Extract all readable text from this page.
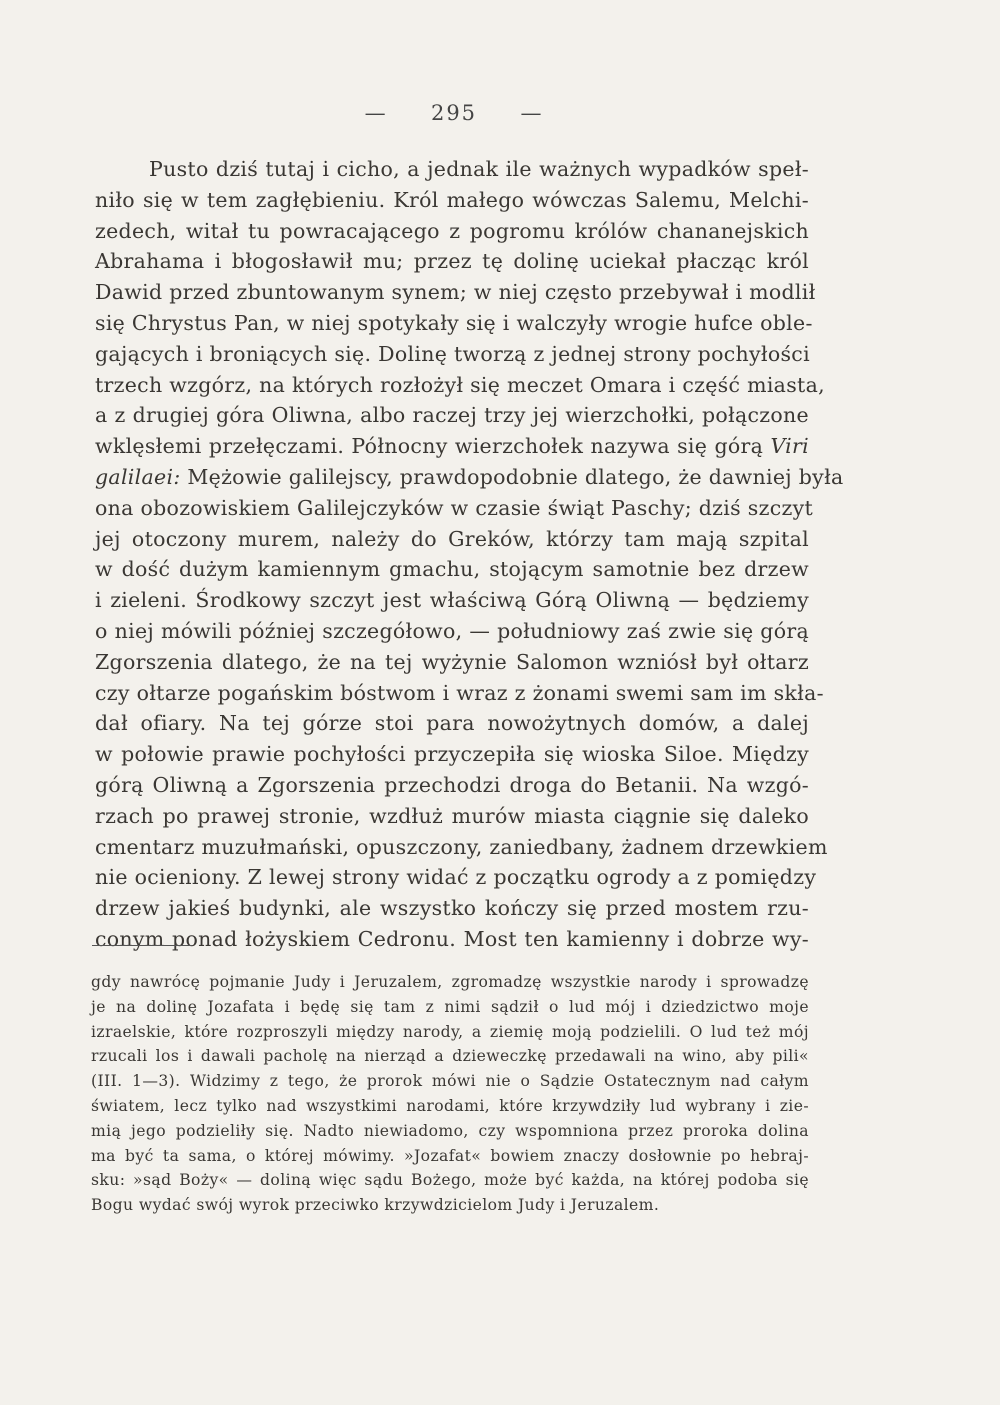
— 295 —
Pusto dziś tutaj i cicho, a jednak ile ważnych wypadków speł-
niło się w tem zagłębieniu. Król małego wówczas Salemu, Melchi-
zedech, witał tu powracającego z pogromu królów chananejskich
Abrahama i błogosławił mu; przez tę dolinę uciekał płacząc król
Dawid przed zbuntowanym synem; w niej często przebywał i modlił
się Chrystus Pan, w niej spotykały się i walczyły wrogie hufce oble-
gających i broniących się. Dolinę tworzą z jednej strony pochyłości
trzech wzgórz, na których rozłożył się meczet Omara i część miasta,
a z drugiej góra Oliwna, albo raczej trzy jej wierzchołki, połączone
wklęsłemi przełęczami. Północny wierzchołek nazywa się górą Viri
galilaei: Mężowie galilejscy, prawdopodobnie dlatego, że dawniej była
ona obozowiskiem Galilejczyków w czasie świąt Paschy; dziś szczyt
jej otoczony murem, należy do Greków, którzy tam mają szpital
w dość dużym kamiennym gmachu, stojącym samotnie bez drzew
i zieleni. Środkowy szczyt jest właściwą Górą Oliwną — będziemy
o niej mówili później szczegółowo, — południowy zaś zwie się górą
Zgorszenia dlatego, że na tej wyżynie Salomon wzniósł był ołtarz
czy ołtarze pogańskim bóstwom i wraz z żonami swemi sam im skła-
dał ofiary. Na tej górze stoi para nowożytnych domów, a dalej
w połowie prawie pochyłości przyczepiła się wioska Siloe. Między
górą Oliwną a Zgorszenia przechodzi droga do Betanii. Na wzgó-
rzach po prawej stronie, wzdłuż murów miasta ciągnie się daleko
cmentarz muzułmański, opuszczony, zaniedbany, żadnem drzewkiem
nie ocieniony. Z lewej strony widać z początku ogrody a z pomiędzy
drzew jakieś budynki, ale wszystko kończy się przed mostem rzu-
conym ponad łożyskiem Cedronu. Most ten kamienny i dobrze wy-
gdy nawrócę pojmanie Judy i Jeruzalem, zgromadzę wszystkie narody i sprowadzę
je na dolinę Jozafata i będę się tam z nimi sądził o lud mój i dziedzictwo moje
izraelskie, które rozproszyli między narody, a ziemię moją podzielili. O lud też mój
rzucali los i dawali pacholę na nierząd a dzieweczkę przedawali na wino, aby pili«
(III. 1—3). Widzimy z tego, że prorok mówi nie o Sądzie Ostatecznym nad całym
światem, lecz tylko nad wszystkimi narodami, które krzywdziły lud wybrany i zie-
mią jego podzieliły się. Nadto niewiadomo, czy wspomniona przez proroka dolina
ma być ta sama, o której mówimy. »Jozafat« bowiem znaczy dosłownie po hebraj-
sku: »sąd Boży« — doliną więc sądu Bożego, może być każda, na której podoba się
Bogu wydać swój wyrok przeciwko krzywdzicielom Judy i Jeruzalem.
